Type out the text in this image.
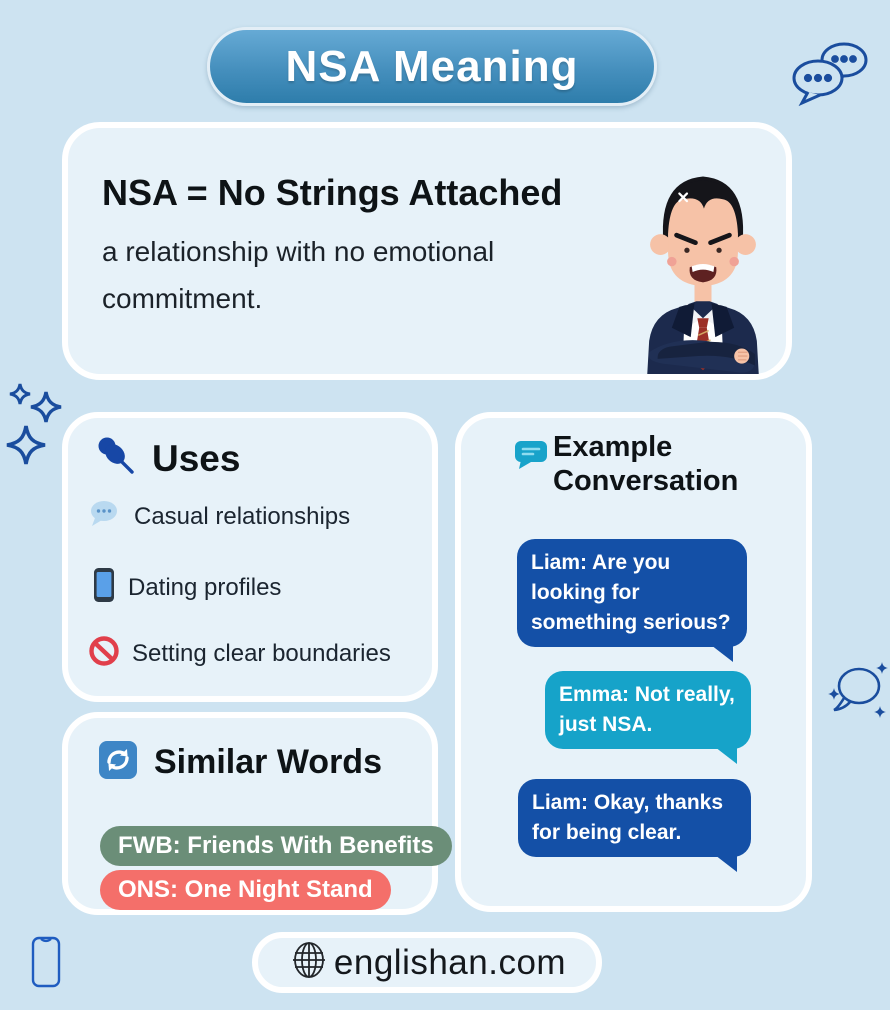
NSA Meaning
NSA = No Strings Attached
a relationship with no emotional commitment.
Uses
Casual relationships
Dating profiles
Setting clear boundaries
Example Conversation
Liam: Are you looking for something serious?
Emma: Not really, just NSA.
Liam: Okay, thanks for being clear.
Similar Words
FWB: Friends With Benefits
ONS: One Night Stand
englishan.com
